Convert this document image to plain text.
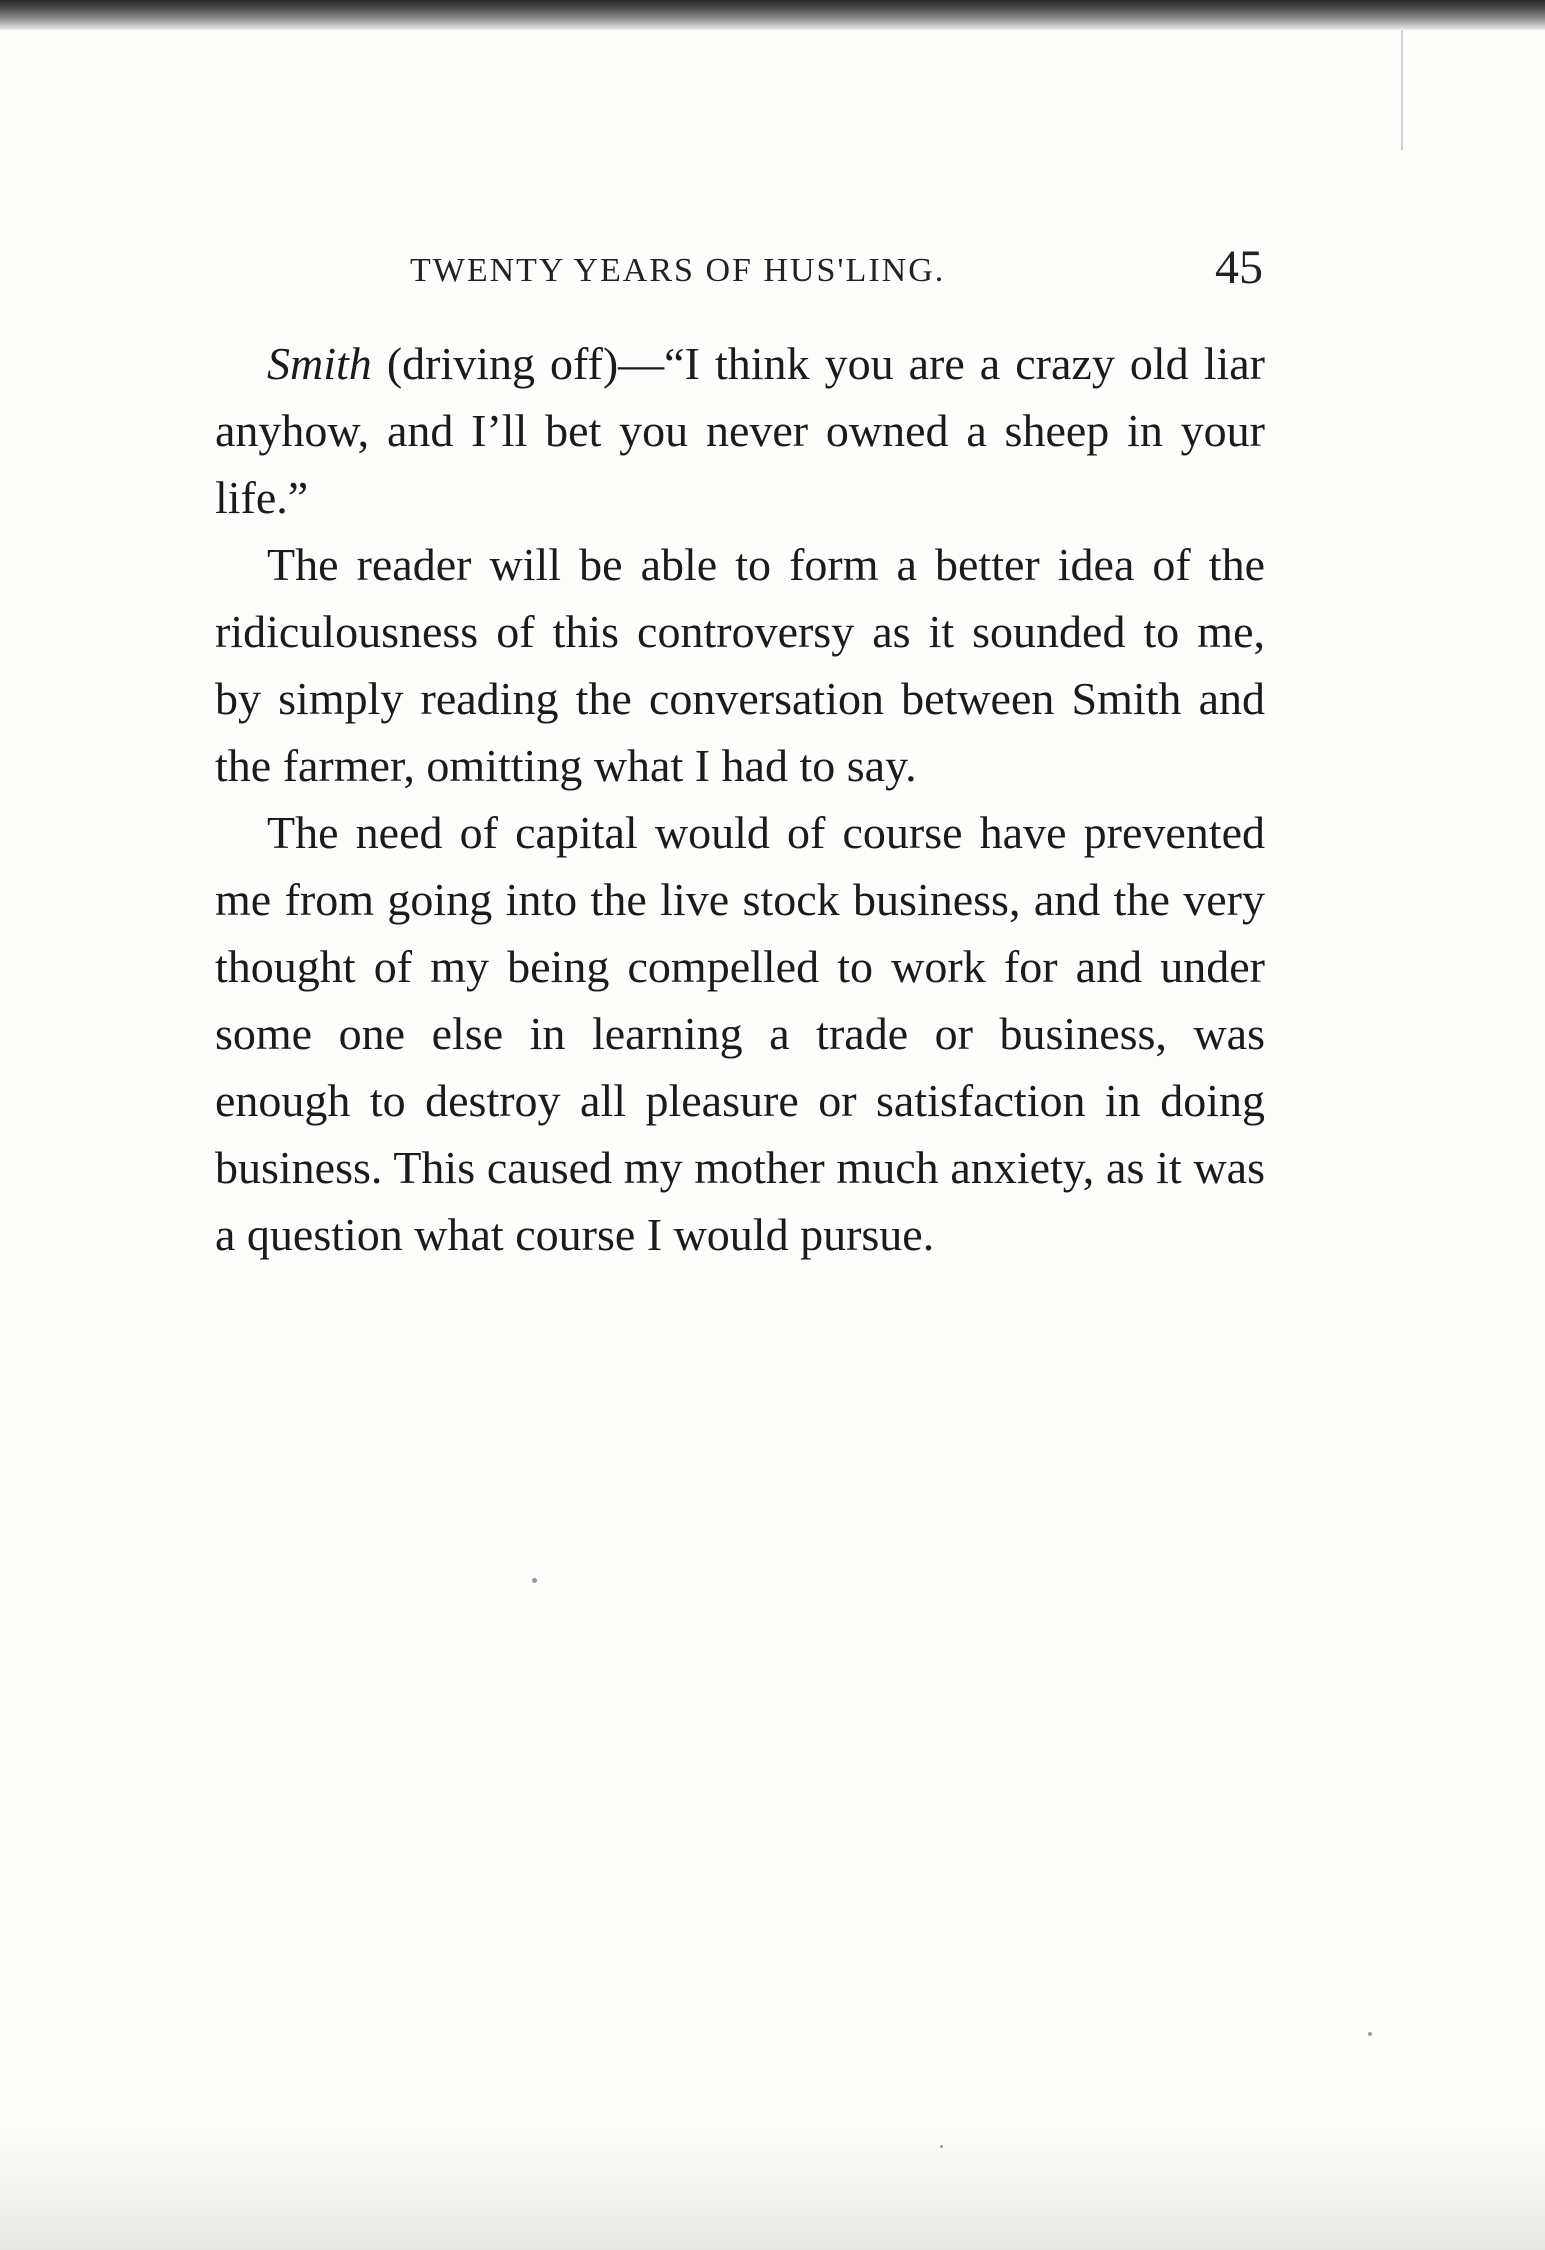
TWENTY YEARS OF HUS'LING.	45

Smith (driving off)—“I think you are a crazy old liar anyhow, and I’ll bet you never owned a sheep in your life.”

The reader will be able to form a better idea of the ridiculousness of this controversy as it sounded to me, by simply reading the conversation between Smith and the farmer, omitting what I had to say.

The need of capital would of course have prevented me from going into the live stock business, and the very thought of my being compelled to work for and under some one else in learning a trade or business, was enough to destroy all pleasure or satisfaction in doing business. This caused my mother much anxiety, as it was a question what course I would pursue.
